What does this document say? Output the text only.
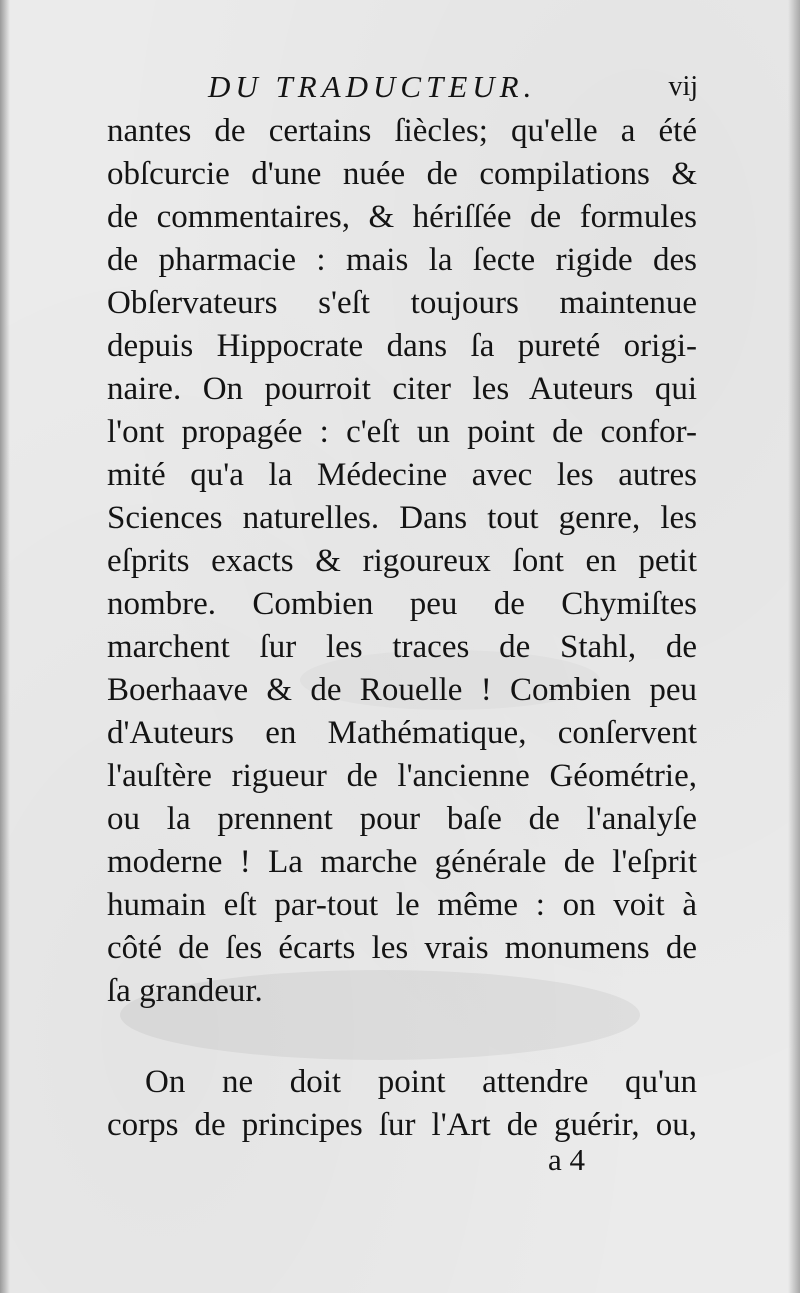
DU TRADUCTEUR.	vij
nantes de certains ſiècles; qu'elle a été
obſcurcie d'une nuée de compilations &
de commentaires, & hériſſée de formules
de pharmacie : mais la ſecte rigide des
Obſervateurs s'eſt toujours maintenue
depuis Hippocrate dans ſa pureté origi-
naire. On pourroit citer les Auteurs qui
l'ont propagée : c'eſt un point de confor-
mité qu'a la Médecine avec les autres
Sciences naturelles. Dans tout genre, les
eſprits exacts & rigoureux ſont en petit
nombre. Combien peu de Chymiſtes
marchent ſur les traces de Stahl, de
Boerhaave & de Rouelle ! Combien peu
d'Auteurs en Mathématique, conſervent
l'auſtère rigueur de l'ancienne Géométrie,
ou la prennent pour baſe de l'analyſe
moderne ! La marche générale de l'eſprit
humain eſt par-tout le même : on voit à
côté de ſes écarts les vrais monumens de
ſa grandeur.
On ne doit point attendre qu'un
corps de principes ſur l'Art de guérir, ou,
a 4
